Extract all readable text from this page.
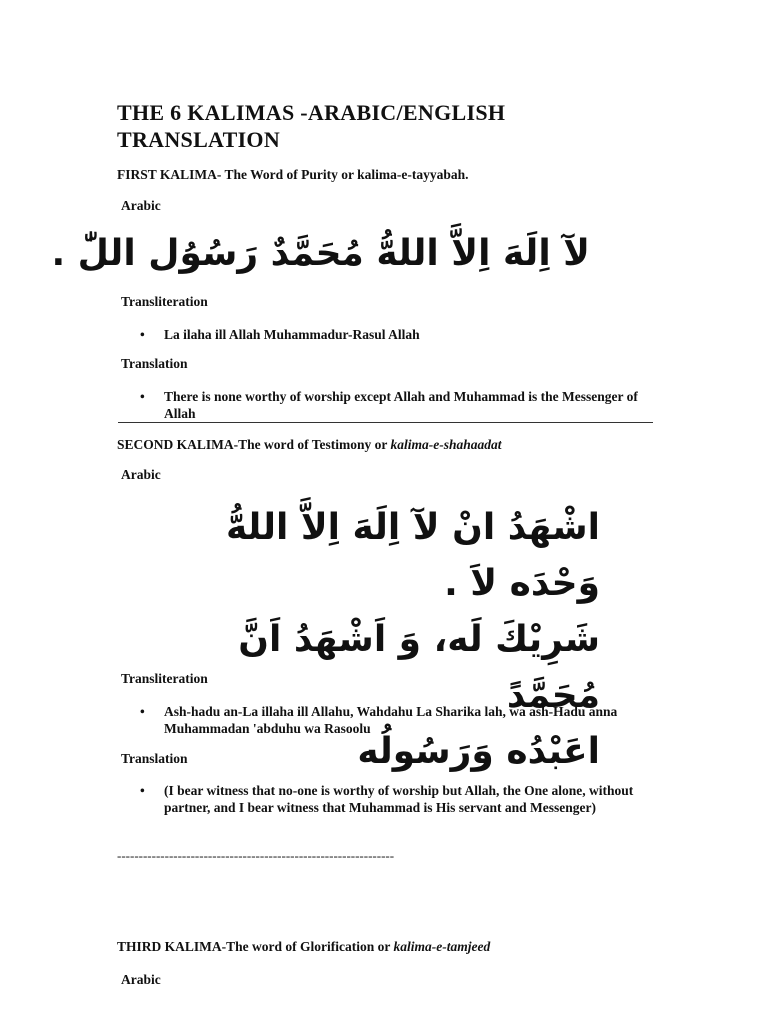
THE 6 KALIMAS -ARABIC/ENGLISH
TRANSLATION
FIRST KALIMA- The Word of Purity or kalima-e-tayyabah.
Arabic
لآ اِلَهَ اِلاَّ اللهُّ مُحَمَّدٌ رَسُوُل اللّٰ .
Transliteration
• La ilaha ill Allah Muhammadur-Rasul Allah
Translation
• There is none worthy of worship except Allah and Muhammad is the Messenger of Allah
SECOND KALIMA-The word of Testimony or kalima-e-shahaadat
Arabic
اشْهَدُ انْ لآ اِلَهَ اِلاَّ اللهُّ وَحْدَه لاَ .
شَرِيْكَ لَه، وَ اَشْهَدُ اَنَّ مُحَمَّدً
اعَبْدُه وَرَسُولُه
Transliteration
• Ash-hadu an-La illaha ill Allahu, Wahdahu La Sharika lah, wa ash-Hadu anna Muhammadan 'abduhu wa Rasoolu
Translation
• (I bear witness that no-one is worthy of worship but Allah, the One alone, without partner, and I bear witness that Muhammad is His servant and Messenger)
----------------------------------------------------------------
THIRD KALIMA-The word of Glorification or kalima-e-tamjeed
Arabic
